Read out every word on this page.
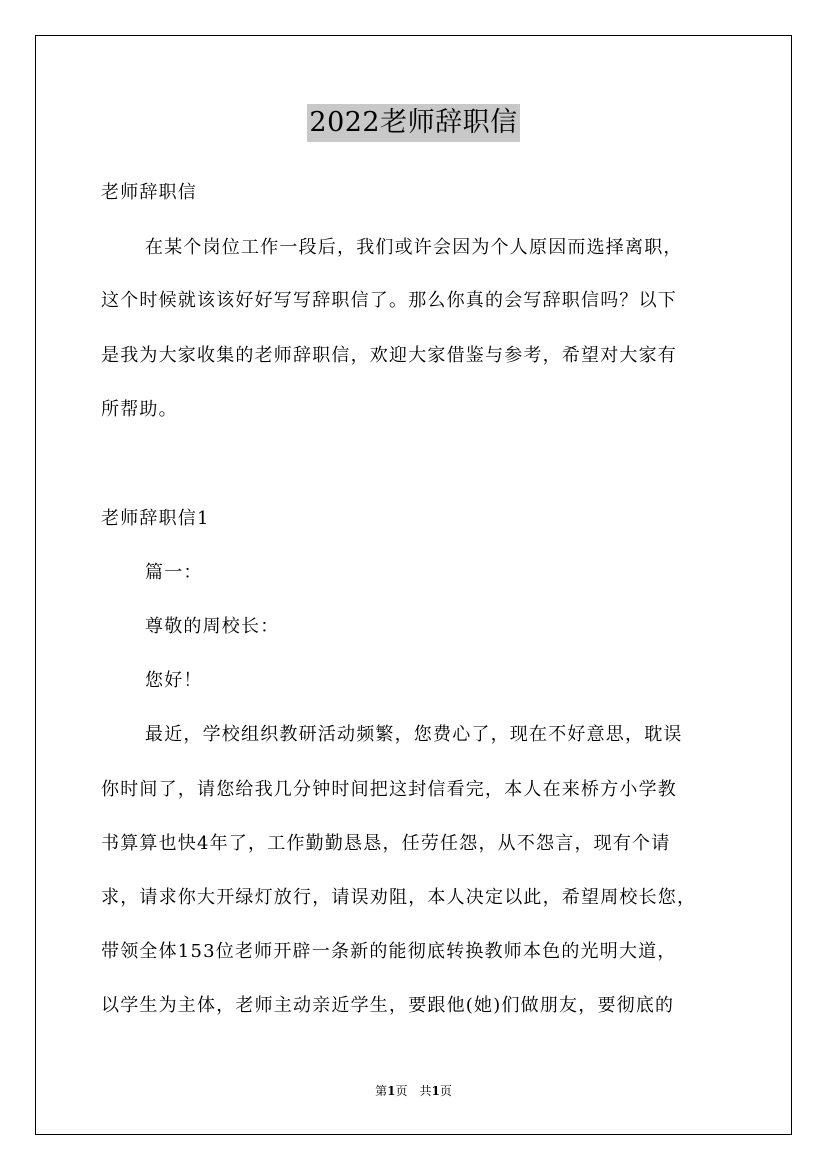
2022老师辞职信
老师辞职信
在某个岗位工作一段后，我们或许会因为个人原因而选择离职，
这个时候就该该好好写写辞职信了。那么你真的会写辞职信吗？以下
是我为大家收集的老师辞职信，欢迎大家借鉴与参考，希望对大家有
所帮助。
老师辞职信1
篇一：
尊敬的周校长：
您好！
最近，学校组织教研活动频繁，您费心了，现在不好意思，耽误
你时间了，请您给我几分钟时间把这封信看完，本人在来桥方小学教
书算算也快4年了，工作勤勤恳恳，任劳任怨，从不怨言，现有个请
求，请求你大开绿灯放行，请误劝阻，本人决定以此，希望周校长您，
带领全体153位老师开辟一条新的能彻底转换教师本色的光明大道，
以学生为主体，老师主动亲近学生，要跟他(她)们做朋友，要彻底的
第1页　共1页
